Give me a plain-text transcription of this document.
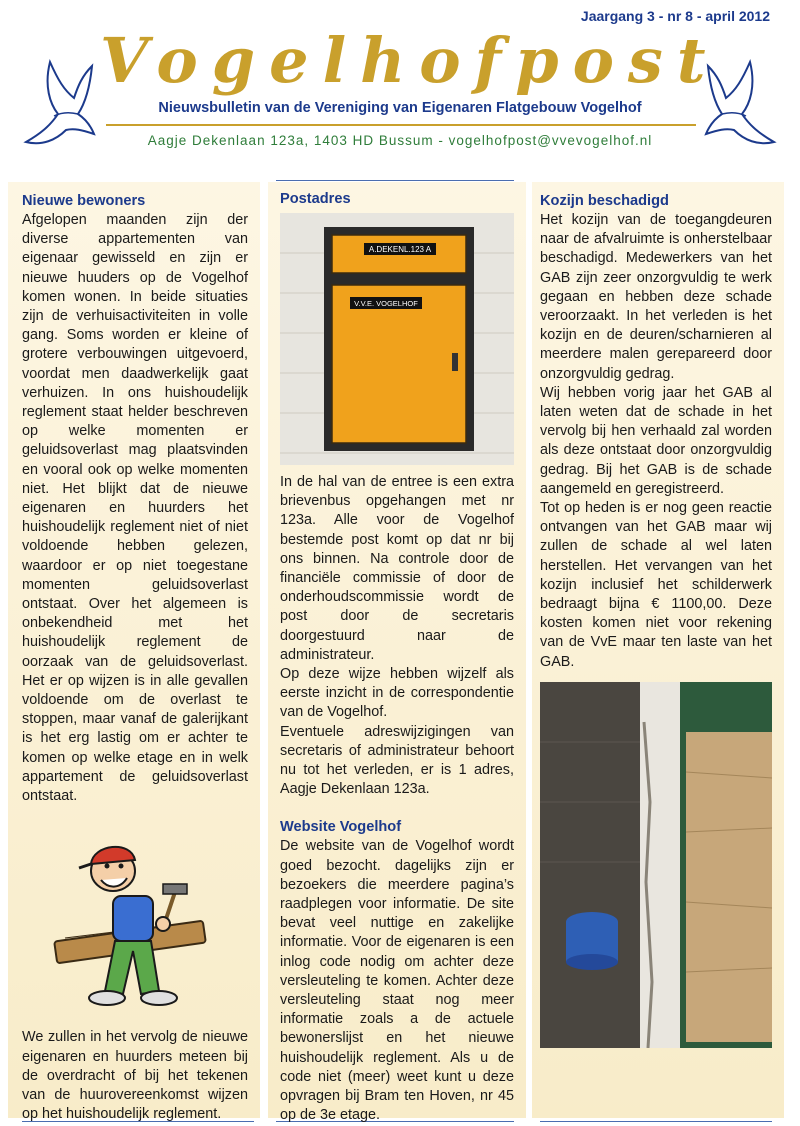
Jaargang 3 - nr 8 - april 2012
Vogelhofpost
Nieuwsbulletin van de Vereniging van Eigenaren Flatgebouw Vogelhof
Aagje Dekenlaan 123a, 1403 HD Bussum - vogelhofpost@vvevogelhof.nl
Nieuwe bewoners

Afgelopen maanden zijn der diverse appartementen van eigenaar gewisseld en zijn er nieuwe huuders op de Vogelhof komen wonen. In beide situaties zijn de verhuisactiviteiten in volle gang. Soms worden er kleine of grotere verbouwingen uitgevoerd, voordat men daadwerkelijk gaat verhuizen. In ons huishoudelijk reglement staat helder beschreven op welke momenten er geluidsoverlast mag plaatsvinden en vooral ook op welke momenten niet. Het blijkt dat de nieuwe eigenaren en huurders het huishoudelijk reglement niet of niet voldoende hebben gelezen, waardoor er op niet toegestane momenten geluidsoverlast ontstaat. Over het algemeen is onbekendheid met het huishoudelijk reglement de oorzaak van de geluidsoverlast. Het er op wijzen is in alle gevallen voldoende om de overlast te stoppen, maar vanaf de galerijkant is het erg lastig om er achter te komen op welke etage en in welk appartement de geluidsoverlast ontstaat.

We zullen in het vervolg de nieuwe eigenaren en huurders meteen bij de overdracht of bij het tekenen van de huurovereenkomst wijzen op het huishoudelijk reglement.

Postadres
A.DEKENL.123 A
V.V.E. VOGELHOF

In de hal van de entree is een extra brievenbus opgehangen met nr 123a. Alle voor de Vogelhof bestemde post komt op dat nr bij ons binnen. Na controle door de financiële commissie of door de onderhoudscommissie wordt de post door de secretaris doorgestuurd naar de administrateur.

Op deze wijze hebben wijzelf als eerste inzicht in de correspondentie van de Vogelhof.

Eventuele adreswijzigingen van secretaris of administrateur behoort nu tot het verleden, er is 1 adres, Aagje Dekenlaan 123a.

Website Vogelhof

De website van de Vogelhof wordt goed bezocht. dagelijks zijn er bezoekers die meerdere pagina’s raadplegen voor informatie. De site bevat veel nuttige en zakelijke informatie. Voor de eigenaren is een inlog code nodig om achter deze versleuteling te komen. Achter deze versleuteling staat nog meer informatie zoals a de actuele bewonerslijst en het nieuwe huishoudelijk reglement. Als u de code niet (meer) weet kunt u deze opvragen bij Bram ten Hoven, nr 45 op de 3e etage.

Kozijn beschadigd

Het kozijn van de toegangdeuren naar de afvalruimte is onherstelbaar beschadigd. Medewerkers van het GAB zijn zeer onzorgvuldig te werk gegaan en hebben deze schade veroorzaakt. In het verleden is het kozijn en de deuren/scharnieren al meerdere malen gerepareerd door onzorgvuldig gedrag.

Wij hebben vorig jaar het GAB al laten weten dat de schade in het vervolg bij hen verhaald zal worden als deze ontstaat door onzorgvuldig gedrag. Bij het GAB is de schade aangemeld en geregistreerd.

Tot op heden is er nog geen reactie ontvangen van het GAB maar wij zullen de schade al wel laten herstellen. Het vervangen van het kozijn inclusief het schilderwerk bedraagt bijna € 1100,00. Deze kosten komen niet voor rekening van de VvE maar ten laste van het GAB.
